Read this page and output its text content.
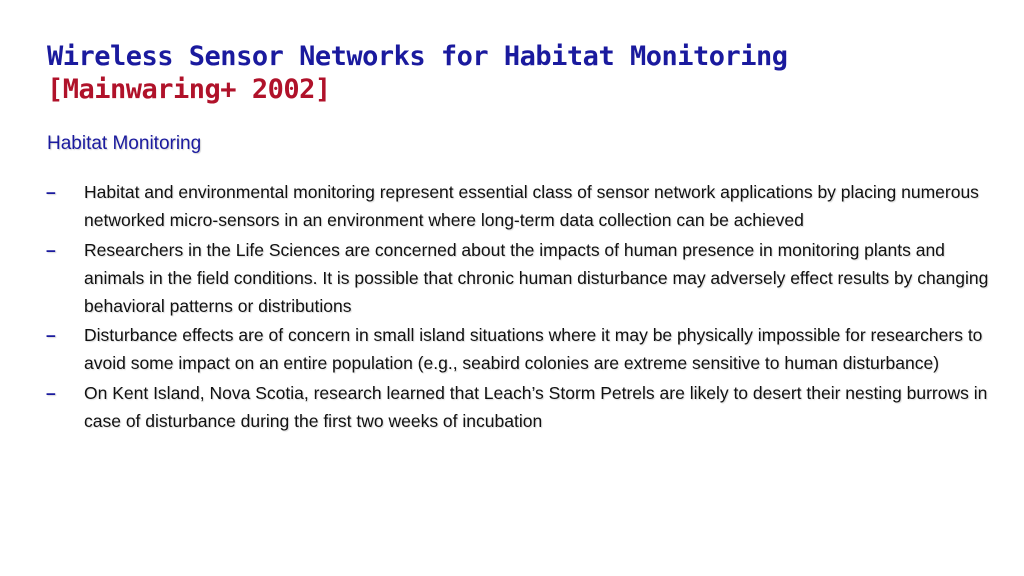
Wireless Sensor Networks for Habitat Monitoring
[Mainwaring+ 2002]
Habitat Monitoring
– Habitat and environmental monitoring represent essential class of sensor network applications by placing numerous networked micro-sensors in an environment where long-term data collection can be achieved
– Researchers in the Life Sciences are concerned about the impacts of human presence in monitoring plants and animals in the field conditions. It is possible that chronic human disturbance may adversely effect results by changing behavioral patterns or distributions
– Disturbance effects are of concern in small island situations where it may be physically impossible for researchers to avoid some impact on an entire population (e.g., seabird colonies are extreme sensitive to human disturbance)
– On Kent Island, Nova Scotia, research learned that Leach’s Storm Petrels are likely to desert their nesting burrows in case of disturbance during the first two weeks of incubation
